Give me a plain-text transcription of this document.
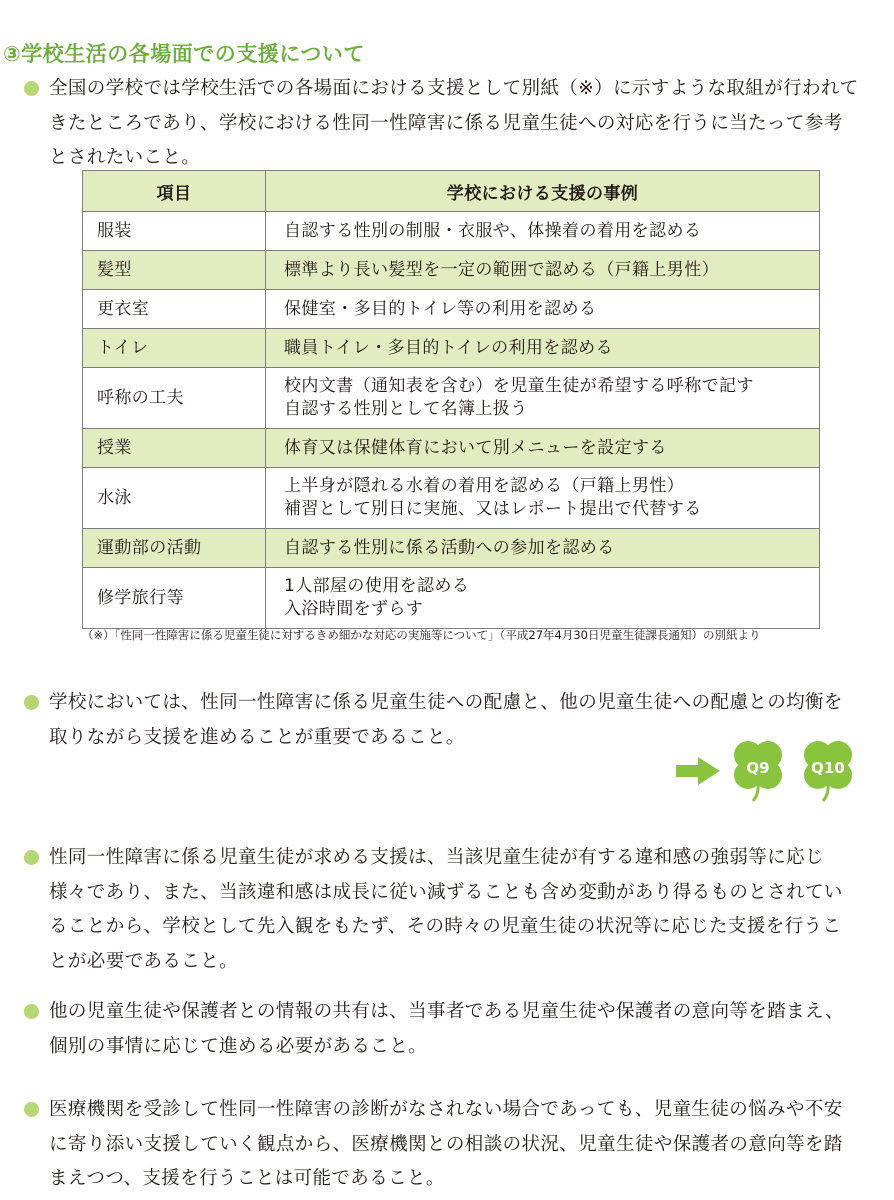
③学校生活の各場面での支援について
全国の学校では学校生活での各場面における支援として別紙（※）に示すような取組が行われてきたところであり、学校における性同一性障害に係る児童生徒への対応を行うに当たって参考とされたいこと。
項目	学校における支援の事例
服装	自認する性別の制服・衣服や、体操着の着用を認める

髪型	標準より長い髪型を一定の範囲で認める（戸籍上男性）

更衣室	保健室・多目的トイレ等の利用を認める

トイレ	職員トイレ・多目的トイレの利用を認める

呼称の工夫	校内文書（通知表を含む）を児童生徒が希望する呼称で記す
自認する性別として名簿上扱う

授業	体育又は保健体育において別メニューを設定する

水泳	上半身が隠れる水着の着用を認める（戸籍上男性）
補習として別日に実施、又はレポート提出で代替する

運動部の活動	自認する性別に係る活動への参加を認める

修学旅行等	1人部屋の使用を認める
入浴時間をずらす

（※）「性同一性障害に係る児童生徒に対するきめ細かな対応の実施等について」（平成27年4月30日児童生徒課長通知）の別紙より

学校においては、性同一性障害に係る児童生徒への配慮と、他の児童生徒への配慮との均衡を取りながら支援を進めることが重要であること。
Q9	Q10
性同一性障害に係る児童生徒が求める支援は、当該児童生徒が有する違和感の強弱等に応じ様々であり、また、当該違和感は成長に従い減ずることも含め変動があり得るものとされていることから、学校として先入観をもたず、その時々の児童生徒の状況等に応じた支援を行うことが必要であること。
他の児童生徒や保護者との情報の共有は、当事者である児童生徒や保護者の意向等を踏まえ、個別の事情に応じて進める必要があること。
医療機関を受診して性同一性障害の診断がなされない場合であっても、児童生徒の悩みや不安に寄り添い支援していく観点から、医療機関との相談の状況、児童生徒や保護者の意向等を踏まえつつ、支援を行うことは可能であること。
